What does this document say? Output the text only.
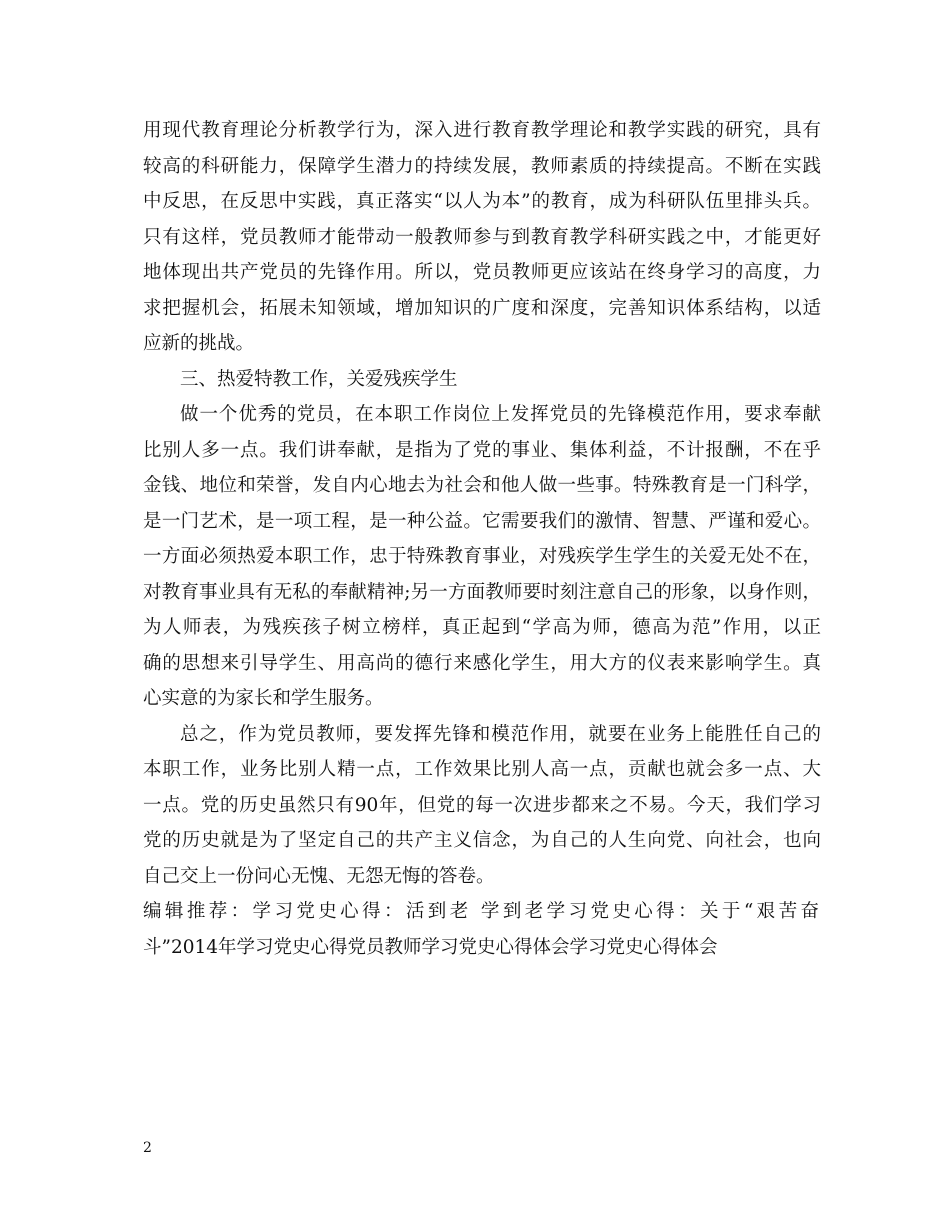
用现代教育理论分析教学行为，深入进行教育教学理论和教学实践的研究，具有
较高的科研能力，保障学生潜力的持续发展，教师素质的持续提高。不断在实践
中反思，在反思中实践，真正落实“以人为本”的教育，成为科研队伍里排头兵。
只有这样，党员教师才能带动一般教师参与到教育教学科研实践之中，才能更好
地体现出共产党员的先锋作用。所以，党员教师更应该站在终身学习的高度，力
求把握机会，拓展未知领域，增加知识的广度和深度，完善知识体系结构，以适
应新的挑战。
三、热爱特教工作，关爱残疾学生
做一个优秀的党员，在本职工作岗位上发挥党员的先锋模范作用，要求奉献
比别人多一点。我们讲奉献，是指为了党的事业、集体利益，不计报酬，不在乎
金钱、地位和荣誉，发自内心地去为社会和他人做一些事。特殊教育是一门科学，
是一门艺术，是一项工程，是一种公益。它需要我们的激情、智慧、严谨和爱心。
一方面必须热爱本职工作，忠于特殊教育事业，对残疾学生学生的关爱无处不在，
对教育事业具有无私的奉献精神;另一方面教师要时刻注意自己的形象，以身作则，
为人师表，为残疾孩子树立榜样，真正起到“学高为师，德高为范”作用，以正
确的思想来引导学生、用高尚的德行来感化学生，用大方的仪表来影响学生。真
心实意的为家长和学生服务。
总之，作为党员教师，要发挥先锋和模范作用，就要在业务上能胜任自己的
本职工作，业务比别人精一点，工作效果比别人高一点，贡献也就会多一点、大
一点。党的历史虽然只有90年，但党的每一次进步都来之不易。今天，我们学习
党的历史就是为了坚定自己的共产主义信念，为自己的人生向党、向社会，也向
自己交上一份问心无愧、无怨无悔的答卷。
编辑推荐：学习党史心得：活到老 学到老学习党史心得：关于“艰苦奋
斗”2014年学习党史心得党员教师学习党史心得体会学习党史心得体会
2
